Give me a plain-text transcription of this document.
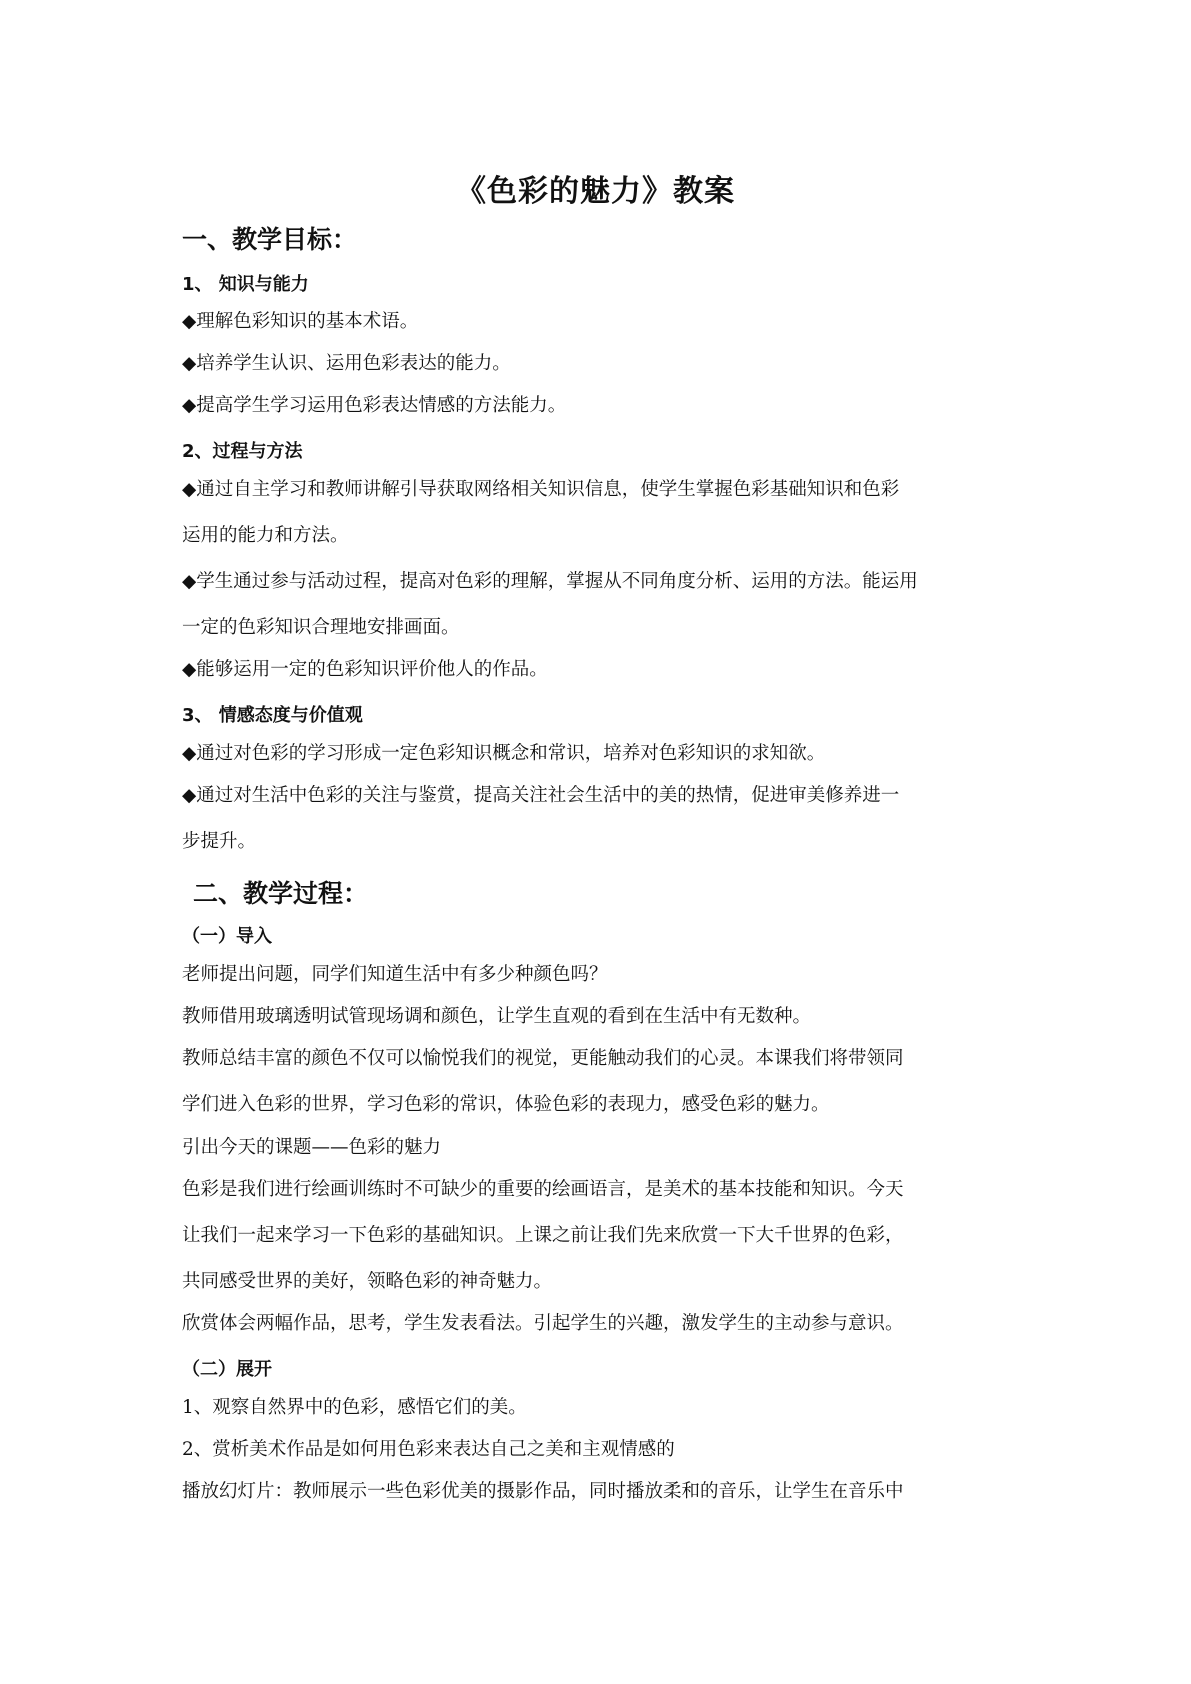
《色彩的魅力》教案
一、教学目标：
1、 知识与能力
◆理解色彩知识的基本术语。
◆培养学生认识、运用色彩表达的能力。
◆提高学生学习运用色彩表达情感的方法能力。
2、过程与方法
◆通过自主学习和教师讲解引导获取网络相关知识信息，使学生掌握色彩基础知识和色彩
运用的能力和方法。
◆学生通过参与活动过程，提高对色彩的理解，掌握从不同角度分析、运用的方法。能运用
一定的色彩知识合理地安排画面。
◆能够运用一定的色彩知识评价他人的作品。
3、 情感态度与价值观
◆通过对色彩的学习形成一定色彩知识概念和常识，培养对色彩知识的求知欲。
◆通过对生活中色彩的关注与鉴赏，提高关注社会生活中的美的热情，促进审美修养进一
步提升。
二、教学过程：
（一）导入
老师提出问题，同学们知道生活中有多少种颜色吗？
教师借用玻璃透明试管现场调和颜色，让学生直观的看到在生活中有无数种。
教师总结丰富的颜色不仅可以愉悦我们的视觉，更能触动我们的心灵。本课我们将带领同
学们进入色彩的世界，学习色彩的常识，体验色彩的表现力，感受色彩的魅力。
引出今天的课题——色彩的魅力
色彩是我们进行绘画训练时不可缺少的重要的绘画语言，是美术的基本技能和知识。今天
让我们一起来学习一下色彩的基础知识。上课之前让我们先来欣赏一下大千世界的色彩，
共同感受世界的美好，领略色彩的神奇魅力。
欣赏体会两幅作品，思考，学生发表看法。引起学生的兴趣，激发学生的主动参与意识。
（二）展开
1、观察自然界中的色彩，感悟它们的美。
2、赏析美术作品是如何用色彩来表达自己之美和主观情感的
播放幻灯片：教师展示一些色彩优美的摄影作品，同时播放柔和的音乐，让学生在音乐中
